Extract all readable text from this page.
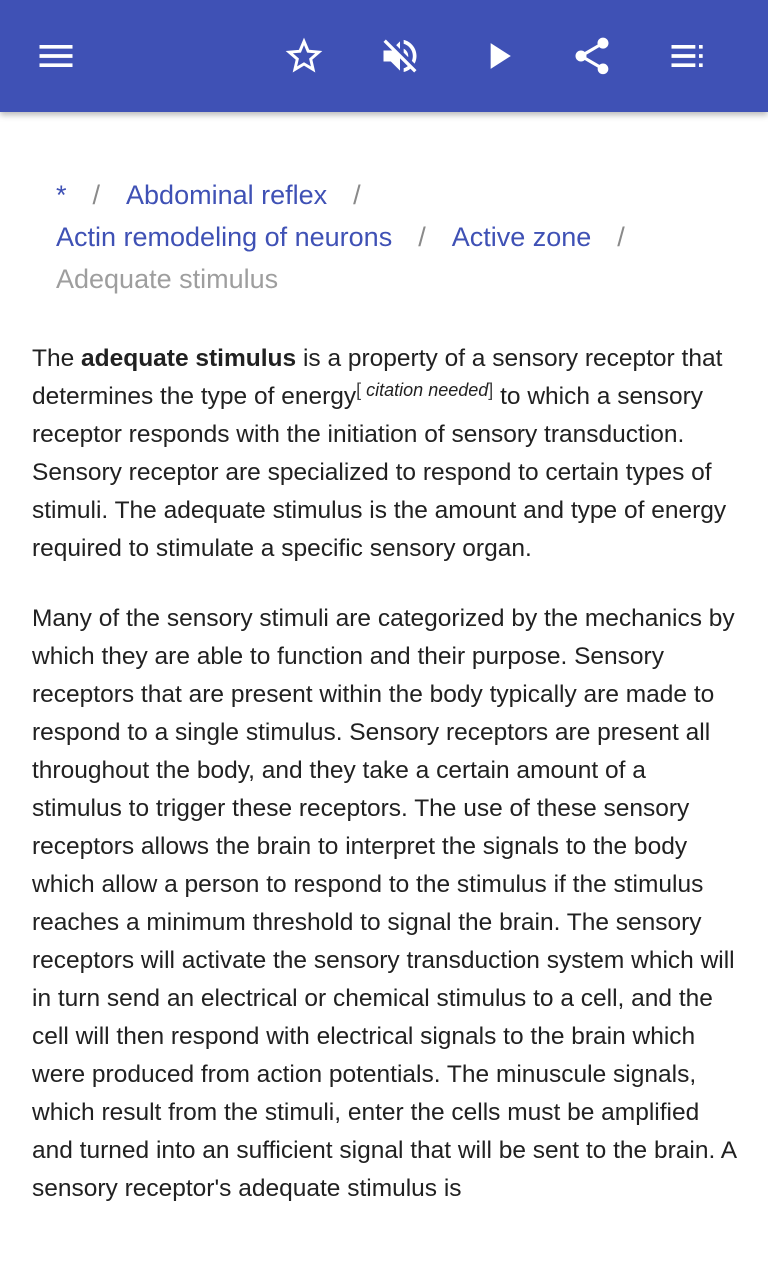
* / Abdominal reflex /
Actin remodeling of neurons / Active zone /
Adequate stimulus

The adequate stimulus is a property of a sensory receptor that determines the type of energy[ citation needed] to which a sensory receptor responds with the initiation of sensory transduction. Sensory receptor are specialized to respond to certain types of stimuli. The adequate stimulus is the amount and type of energy required to stimulate a specific sensory organ.

Many of the sensory stimuli are categorized by the mechanics by which they are able to function and their purpose. Sensory receptors that are present within the body typically are made to respond to a single stimulus. Sensory receptors are present all throughout the body, and they take a certain amount of a stimulus to trigger these receptors. The use of these sensory receptors allows the brain to interpret the signals to the body which allow a person to respond to the stimulus if the stimulus reaches a minimum threshold to signal the brain. The sensory receptors will activate the sensory transduction system which will in turn send an electrical or chemical stimulus to a cell, and the cell will then respond with electrical signals to the brain which were produced from action potentials. The minuscule signals, which result from the stimuli, enter the cells must be amplified and turned into an sufficient signal that will be sent to the brain. A sensory receptor's adequate stimulus is
